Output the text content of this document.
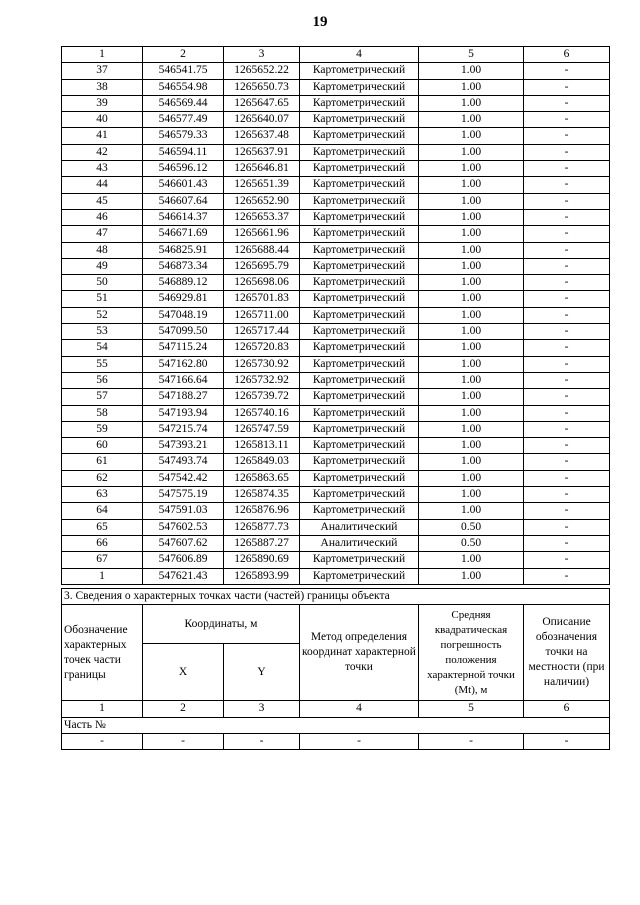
19
1	2	3	4	5	6
37	546541.75	1265652.22	Картометрический	1.00	-
38	546554.98	1265650.73	Картометрический	1.00	-
39	546569.44	1265647.65	Картометрический	1.00	-
40	546577.49	1265640.07	Картометрический	1.00	-
41	546579.33	1265637.48	Картометрический	1.00	-
42	546594.11	1265637.91	Картометрический	1.00	-
43	546596.12	1265646.81	Картометрический	1.00	-
44	546601.43	1265651.39	Картометрический	1.00	-
45	546607.64	1265652.90	Картометрический	1.00	-
46	546614.37	1265653.37	Картометрический	1.00	-
47	546671.69	1265661.96	Картометрический	1.00	-
48	546825.91	1265688.44	Картометрический	1.00	-
49	546873.34	1265695.79	Картометрический	1.00	-
50	546889.12	1265698.06	Картометрический	1.00	-
51	546929.81	1265701.83	Картометрический	1.00	-
52	547048.19	1265711.00	Картометрический	1.00	-
53	547099.50	1265717.44	Картометрический	1.00	-
54	547115.24	1265720.83	Картометрический	1.00	-
55	547162.80	1265730.92	Картометрический	1.00	-
56	547166.64	1265732.92	Картометрический	1.00	-
57	547188.27	1265739.72	Картометрический	1.00	-
58	547193.94	1265740.16	Картометрический	1.00	-
59	547215.74	1265747.59	Картометрический	1.00	-
60	547393.21	1265813.11	Картометрический	1.00	-
61	547493.74	1265849.03	Картометрический	1.00	-
62	547542.42	1265863.65	Картометрический	1.00	-
63	547575.19	1265874.35	Картометрический	1.00	-
64	547591.03	1265876.96	Картометрический	1.00	-
65	547602.53	1265877.73	Аналитический	0.50	-
66	547607.62	1265887.27	Аналитический	0.50	-
67	547606.89	1265890.69	Картометрический	1.00	-
1	547621.43	1265893.99	Картометрический	1.00	-
3. Сведения о характерных точках части (частей) границы объекта					
Обозначение характерных точек части границы	Координаты, м		Метод определения координат характерной точки	Средняя квадратическая погрешность положения характерной точки (Mt), м	Описание обозначения точки на местности (при наличии)
	X	Y			
1	2	3	4	5	6
Часть №					
-	-	-	-	-	-
